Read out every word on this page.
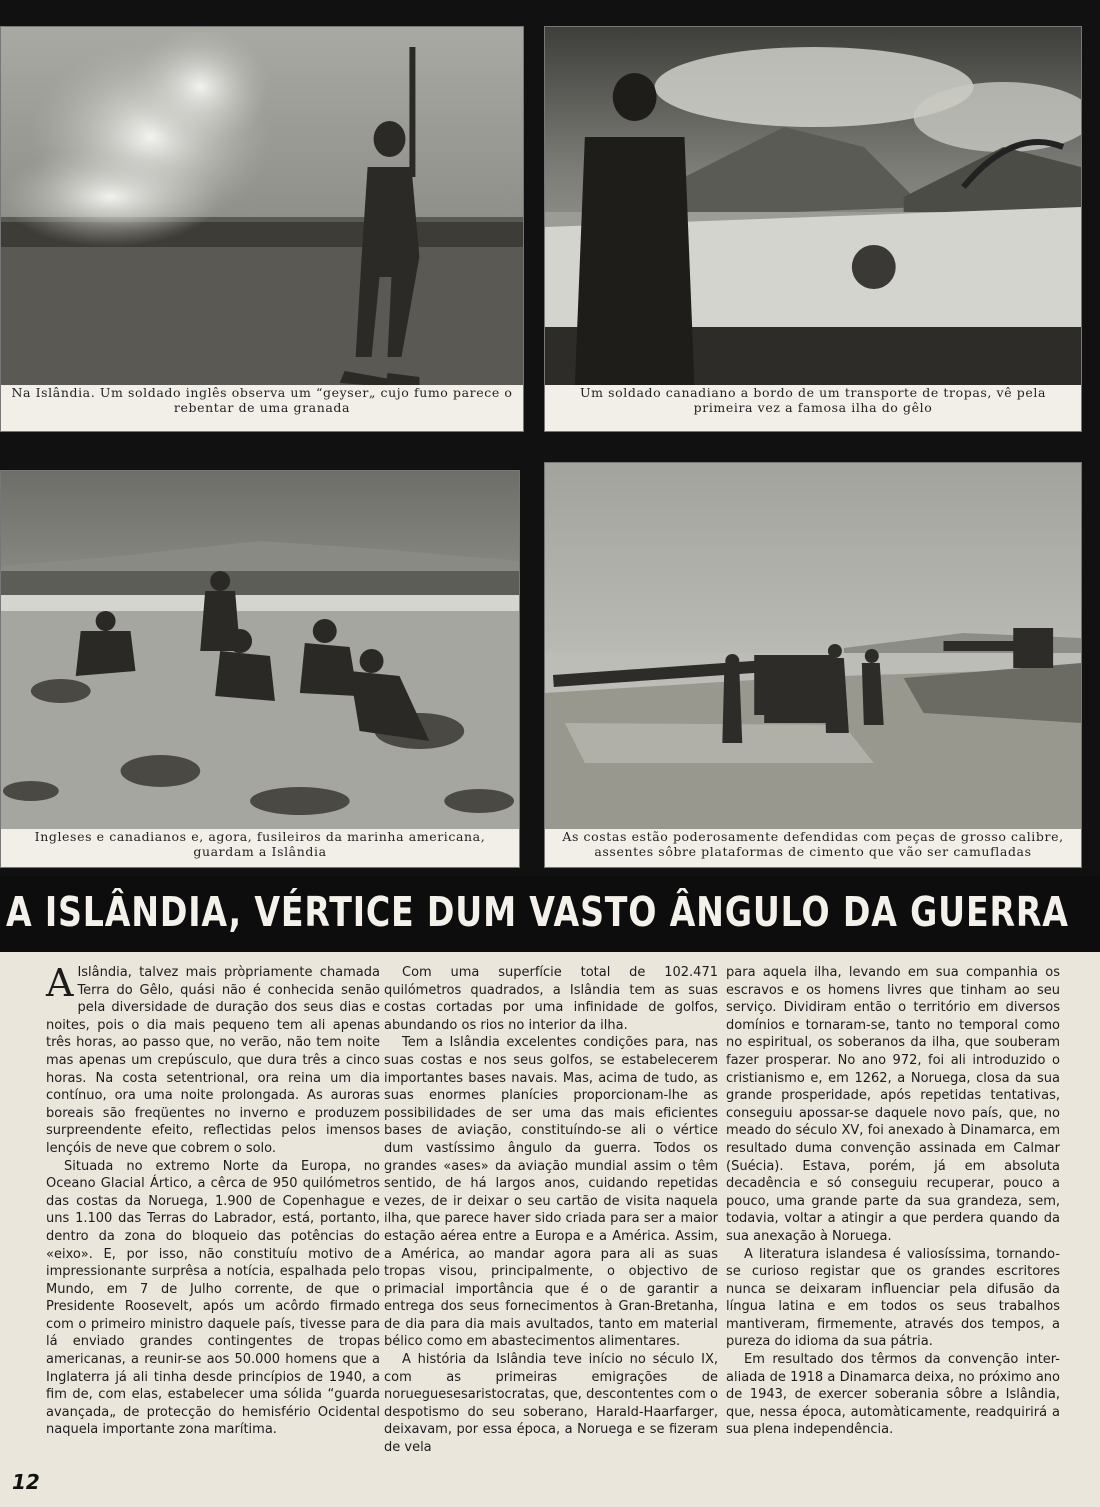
Na Islândia. Um soldado inglês observa um “geyser„ cujo fumo parece o rebentar de uma granada
Um soldado canadiano a bordo de um transporte de tropas, vê pela primeira vez a famosa ilha do gêlo
Ingleses e canadianos e, agora, fusileiros da marinha americana, guardam a Islândia
As costas estão poderosamente defendidas com peças de grosso calibre, assentes sôbre plataformas de cimento que vão ser camufladas
A ISLÂNDIA, VÉRTICE DUM VASTO ÂNGULO DA GUERRA

A Islândia, talvez mais pròpriamente chamada Terra do Gêlo, quási não é conhecida senão pela diversidade de duração dos seus dias e noites, pois o dia mais pequeno tem ali apenas três horas, ao passo que, no verão, não tem noite mas apenas um crepúsculo, que dura três a cinco horas. Na costa setentrional, ora reina um dia contínuo, ora uma noite prolongada. As auroras boreais são freqüentes no inverno e produzem surpreendente efeito, reflectidas pelos imensos lençóis de neve que cobrem o solo.

Situada no extremo Norte da Europa, no Oceano Glacial Ártico, a cêrca de 950 quilómetros das costas da Noruega, 1.900 de Copenhague e uns 1.100 das Terras do Labrador, está, portanto, dentro da zona do bloqueio das potências do «eixo». E, por isso, não constituíu motivo de impressionante surprêsa a notícia, espalhada pelo Mundo, em 7 de Julho corrente, de que o Presidente Roosevelt, após um acôrdo firmado com o primeiro ministro daquele país, tivesse para lá enviado grandes contingentes de tropas americanas, a reunir-se aos 50.000 homens que a Inglaterra já ali tinha desde princípios de 1940, a fim de, com elas, estabelecer uma sólida “guarda avançada„ de protecção do hemisfério Ocidental naquela importante zona marítima.

Com uma superfície total de 102.471 quilómetros quadrados, a Islândia tem as suas costas cortadas por uma infinidade de golfos, abundando os rios no interior da ilha.

Tem a Islândia excelentes condições para, nas suas costas e nos seus golfos, se estabelecerem importantes bases navais. Mas, acima de tudo, as suas enormes planícies proporcionam-lhe as possibilidades de ser uma das mais eficientes bases de aviação, constituíndo-se ali o vértice dum vastíssimo ângulo da guerra. Todos os grandes «ases» da aviação mundial assim o têm sentido, de há largos anos, cuidando repetidas vezes, de ir deixar o seu cartão de visita naquela ilha, que parece haver sido criada para ser a maior estação aérea entre a Europa e a América. Assim, a América, ao mandar agora para ali as suas tropas visou, principalmente, o objectivo de primacial importância que é o de garantir a entrega dos seus fornecimentos à Gran-Bretanha, de dia para dia mais avultados, tanto em material bélico como em abastecimentos alimentares.

A história da Islândia teve início no século IX, com as primeiras emigrações de norueguesesaristocratas, que, descontentes com o despotismo do seu soberano, Harald-Haarfarger, deixavam, por essa época, a Noruega e se fizeram de vela

para aquela ilha, levando em sua companhia os escravos e os homens livres que tinham ao seu serviço. Dividiram então o território em diversos domínios e tornaram-se, tanto no temporal como no espiritual, os soberanos da ilha, que souberam fazer prosperar. No ano 972, foi ali introduzido o cristianismo e, em 1262, a Noruega, closa da sua grande prosperidade, após repetidas tentativas, conseguiu apossar-se daquele novo país, que, no meado do século XV, foi anexado à Dinamarca, em resultado duma convenção assinada em Calmar (Suécia). Estava, porém, já em absoluta decadência e só conseguiu recuperar, pouco a pouco, uma grande parte da sua grandeza, sem, todavia, voltar a atingir a que perdera quando da sua anexação à Noruega.

A literatura islandesa é valiosíssima, tornando-se curioso registar que os grandes escritores nunca se deixaram influenciar pela difusão da língua latina e em todos os seus trabalhos mantiveram, firmemente, através dos tempos, a pureza do idioma da sua pátria.

Em resultado dos têrmos da convenção inter-aliada de 1918 a Dinamarca deixa, no próximo ano de 1943, de exercer soberania sôbre a Islândia, que, nessa época, automàticamente, readquirirá a sua plena independência.

12
